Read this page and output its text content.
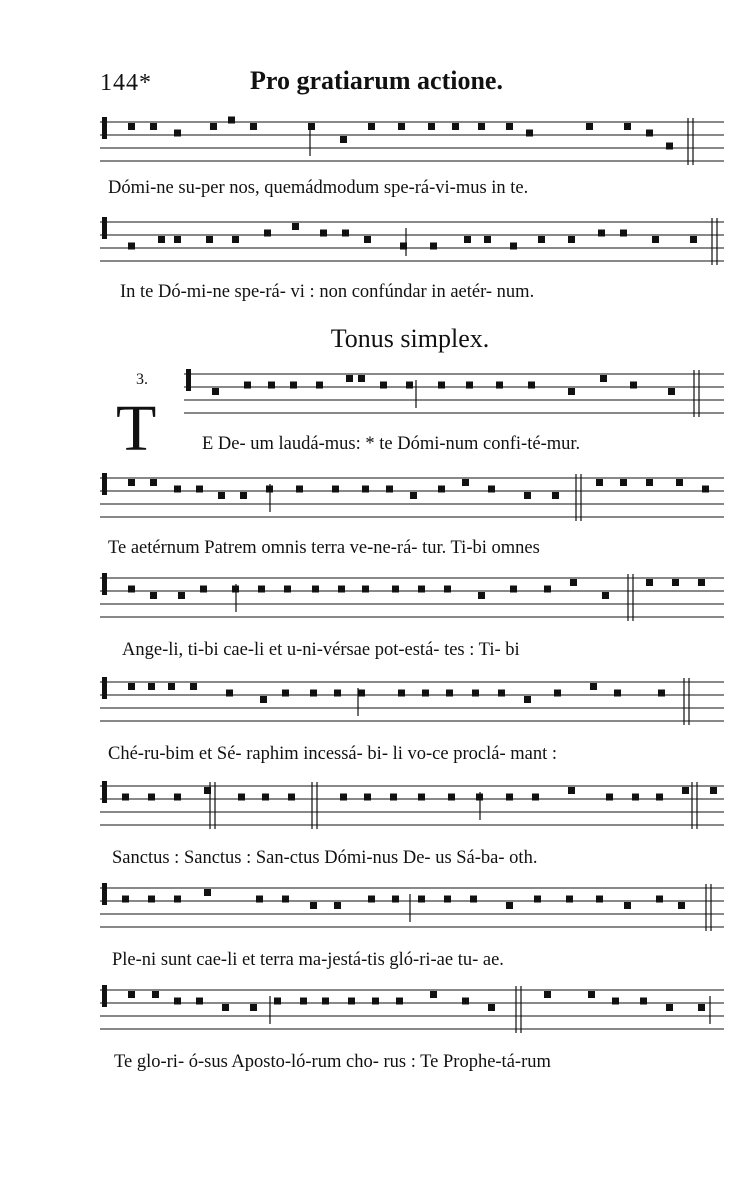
144*	Pro gratiarum actione.
Dómi-ne su-per nos, quemádmodum spe-rá-vi-mus in te.
In te Dó-mi-ne spe-rá- vi : non confúndar in aetér- num.
Tonus simplex.
3.
T E De- um laudá-mus: * te Dómi-num confi-té-mur.
Te aetérnum Patrem omnis terra ve-ne-rá- tur. Ti-bi omnes
Ange-li, ti-bi cae-li et u-ni-vérsae pot-está- tes : Ti- bi
Ché-ru-bim et Sé- raphim incessá- bi- li vo-ce proclá- mant :
Sanctus : Sanctus : San-ctus Dómi-nus De- us Sá-ba- oth.
Ple-ni sunt cae-li et terra ma-jestá-tis gló-ri-ae tu- ae.
Te glo-ri- ó-sus Aposto-ló-rum cho- rus : Te Prophe-tá-rum
